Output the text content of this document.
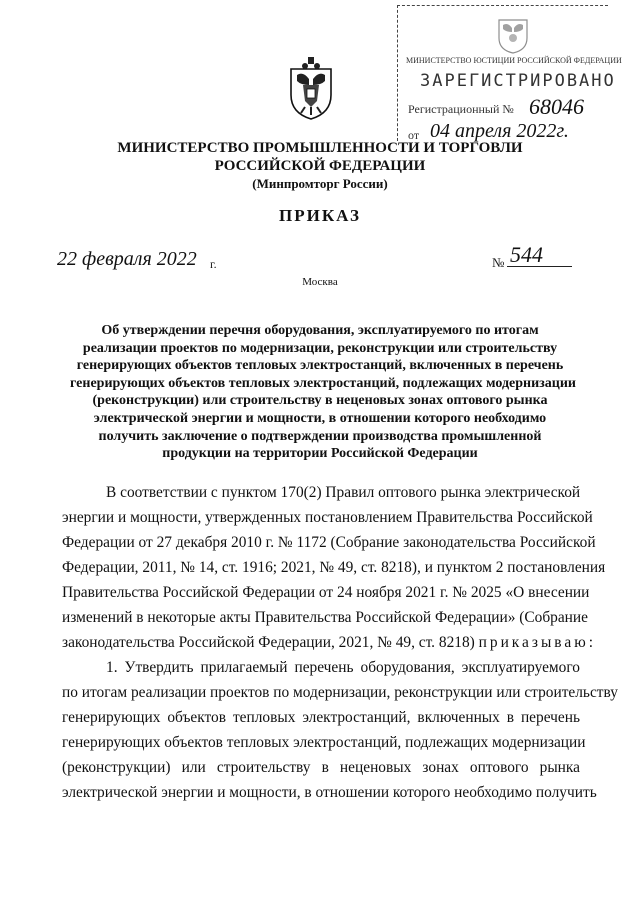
МИНИСТЕРСТВО ЮСТИЦИИ РОССИЙСКОЙ ФЕДЕРАЦИИ
ЗАРЕГИСТРИРОВАНО
Регистрационный № 68046
от 04 апреля 2022г.
МИНИСТЕРСТВО ПРОМЫШЛЕННОСТИ И ТОРГОВЛИ
РОССИЙСКОЙ ФЕДЕРАЦИИ
(Минпромторг России)
ПРИКАЗ
22 февраля 2022 г.	№ 544
Москва
Об утверждении перечня оборудования, эксплуатируемого по итогам
реализации проектов по модернизации, реконструкции или строительству
генерирующих объектов тепловых электростанций, включенных в перечень
генерирующих объектов тепловых электростанций, подлежащих модернизации
(реконструкции) или строительству в неценовых зонах оптового рынка
электрической энергии и мощности, в отношении которого необходимо
получить заключение о подтверждении производства промышленной
продукции на территории Российской Федерации
В соответствии с пунктом 170(2) Правил оптового рынка электрической
энергии и мощности, утвержденных постановлением Правительства Российской
Федерации от 27 декабря 2010 г. № 1172 (Собрание законодательства Российской
Федерации, 2011, № 14, ст. 1916; 2021, № 49, ст. 8218), и пунктом 2 постановления
Правительства Российской Федерации от 24 ноября 2021 г. № 2025 «О внесении
изменений в некоторые акты Правительства Российской Федерации» (Собрание
законодательства Российской Федерации, 2021, № 49, ст. 8218) приказываю:
1. Утвердить прилагаемый перечень оборудования, эксплуатируемого
по итогам реализации проектов по модернизации, реконструкции или строительству
генерирующих объектов тепловых электростанций, включенных в перечень
генерирующих объектов тепловых электростанций, подлежащих модернизации
(реконструкции) или строительству в неценовых зонах оптового рынка
электрической энергии и мощности, в отношении которого необходимо получить
